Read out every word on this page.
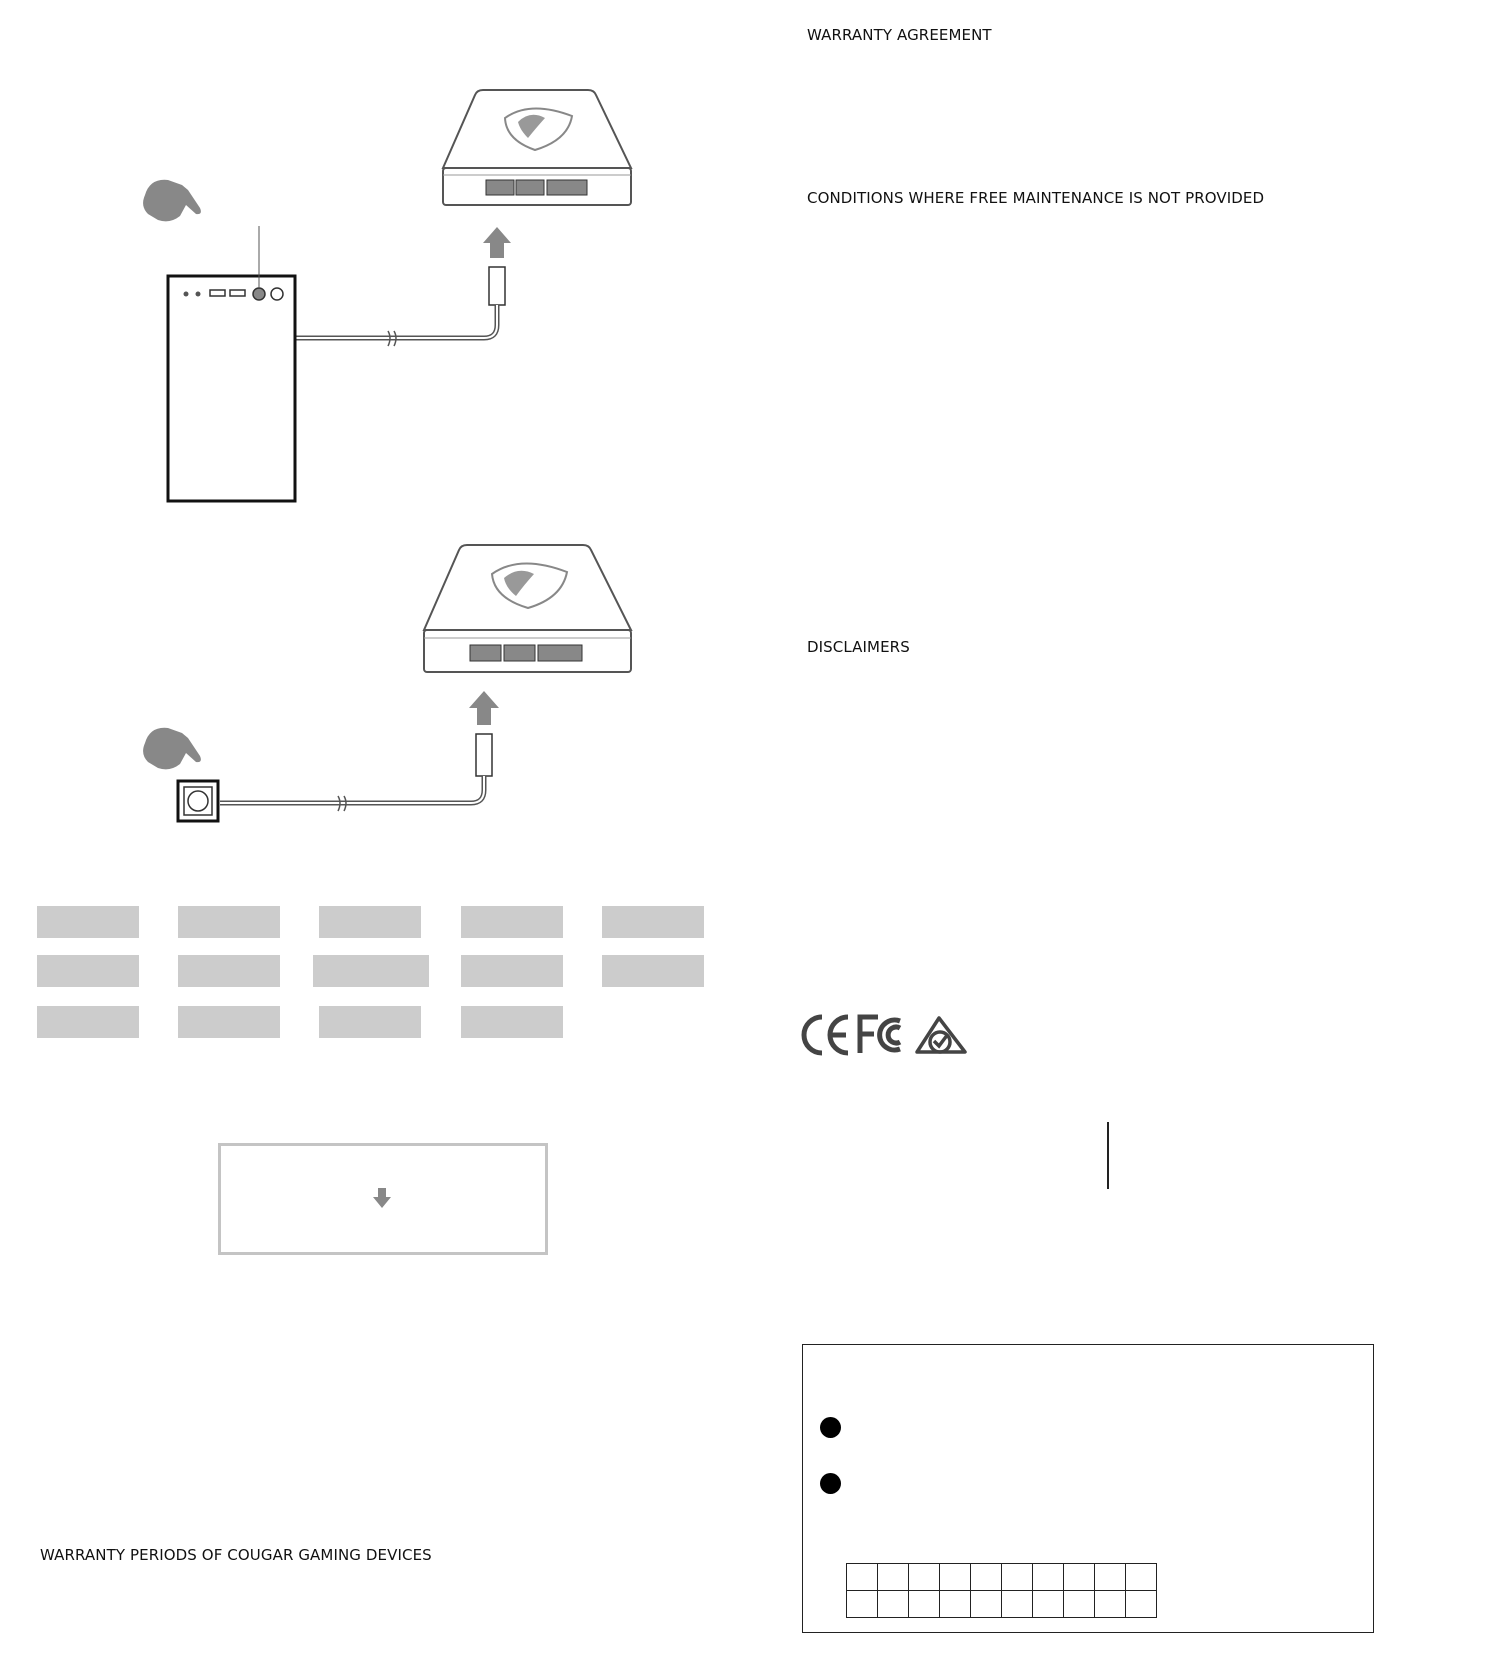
WARRANTY AGREEMENT
CONDITIONS WHERE FREE MAINTENANCE IS NOT PROVIDED
DISCLAIMERS
WARRANTY PERIODS OF COUGAR GAMING DEVICES
